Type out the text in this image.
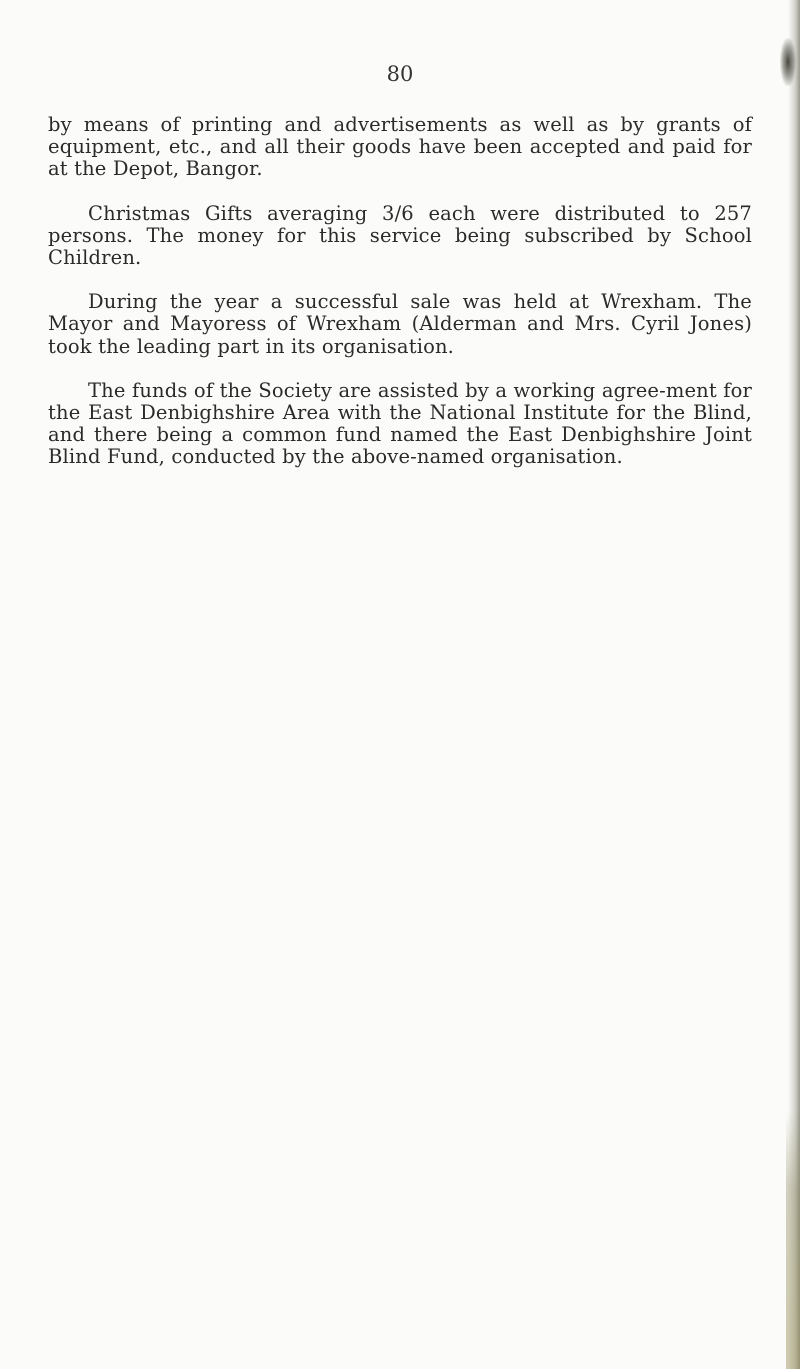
80

by means of printing and advertisements as well as by grants of equipment, etc., and all their goods have been accepted and paid for at the Depot, Bangor.

Christmas Gifts averaging 3/6 each were distributed to 257 persons. The money for this service being subscribed by School Children.

During the year a successful sale was held at Wrexham. The Mayor and Mayoress of Wrexham (Alderman and Mrs. Cyril Jones) took the leading part in its organisation.

The funds of the Society are assisted by a working agree-ment for the East Denbighshire Area with the National Institute for the Blind, and there being a common fund named the East Denbighshire Joint Blind Fund, conducted by the above-named organisation.
